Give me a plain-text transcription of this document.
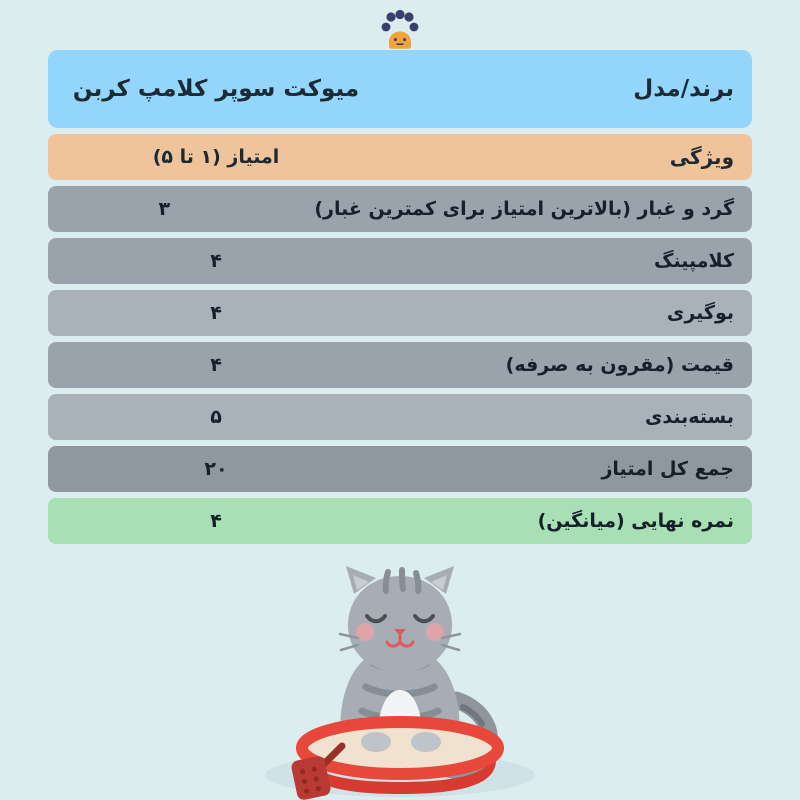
برند/مدل
میوکت سوپر کلامپ کربن
ویژگی
امتیاز (۱ تا ۵)
گرد و غبار (بالاترین امتیاز برای کمترین غبار)
۳
کلامپینگ
۴
بوگیری
۴
قیمت (مقرون به صرفه)
۴
بسته‌بندی
۵
جمع کل امتیاز
۲۰
نمره نهایی (میانگین)
۴
